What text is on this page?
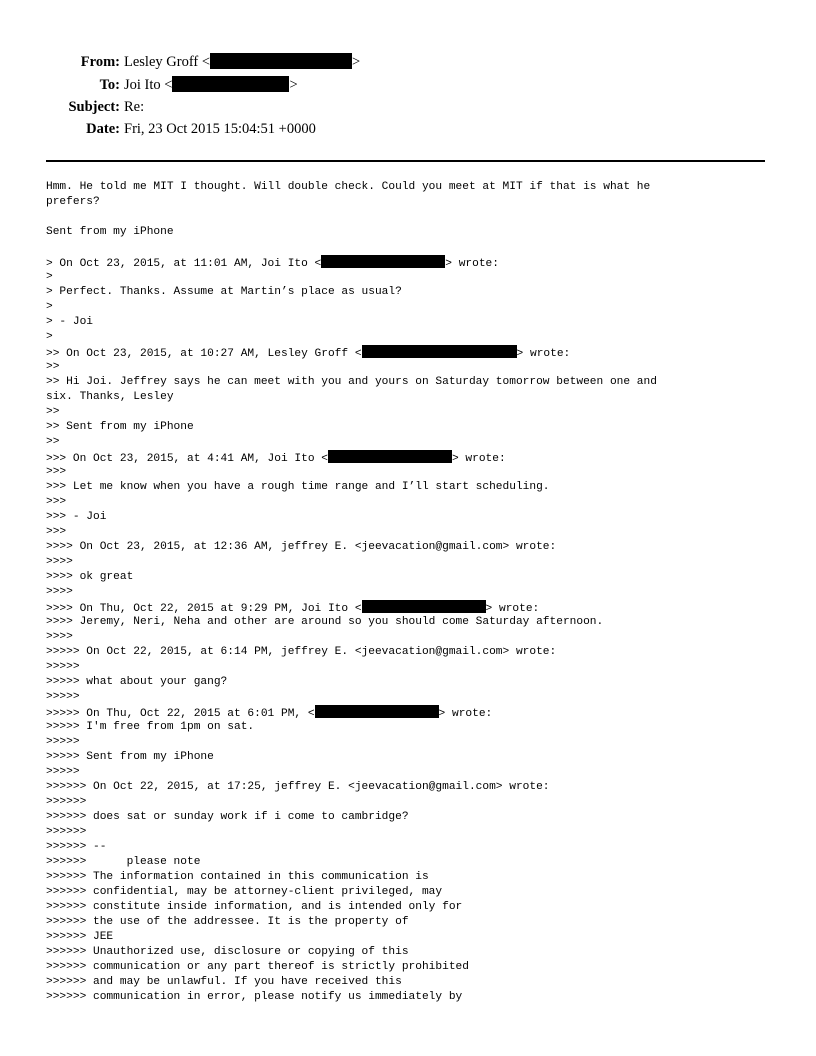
From: Lesley Groff <	>
To: Joi Ito <	>
Subject: Re:
Date: Fri, 23 Oct 2015 15:04:51 +0000
Hmm. He told me MIT I thought. Will double check. Could you meet at MIT if that is what he
prefers?
Sent from my iPhone
> On Oct 23, 2015, at 11:01 AM, Joi Ito <	> wrote:
>
> Perfect. Thanks. Assume at Martin’s place as usual?
>
> - Joi
>
>> On Oct 23, 2015, at 10:27 AM, Lesley Groff <	> wrote:
>>
>> Hi Joi. Jeffrey says he can meet with you and yours on Saturday tomorrow between one and
six. Thanks, Lesley
>>
>> Sent from my iPhone
>>
>>> On Oct 23, 2015, at 4:41 AM, Joi Ito <	> wrote:
>>>
>>> Let me know when you have a rough time range and I’ll start scheduling.
>>>
>>> - Joi
>>>
>>>> On Oct 23, 2015, at 12:36 AM, jeffrey E. <jeevacation@gmail.com> wrote:
>>>>
>>>> ok great
>>>>
>>>> On Thu, Oct 22, 2015 at 9:29 PM, Joi Ito <	> wrote:
>>>> Jeremy, Neri, Neha and other are around so you should come Saturday afternoon.
>>>>
>>>>> On Oct 22, 2015, at 6:14 PM, jeffrey E. <jeevacation@gmail.com> wrote:
>>>>>
>>>>> what about your gang?
>>>>>
>>>>> On Thu, Oct 22, 2015 at 6:01 PM, <	> wrote:
>>>>> I'm free from 1pm on sat.
>>>>>
>>>>> Sent from my iPhone
>>>>>
>>>>>> On Oct 22, 2015, at 17:25, jeffrey E. <jeevacation@gmail.com> wrote:
>>>>>>
>>>>>> does sat or sunday work if i come to cambridge?
>>>>>>
>>>>>> --
>>>>>>      please note
>>>>>> The information contained in this communication is
>>>>>> confidential, may be attorney-client privileged, may
>>>>>> constitute inside information, and is intended only for
>>>>>> the use of the addressee. It is the property of
>>>>>> JEE
>>>>>> Unauthorized use, disclosure or copying of this
>>>>>> communication or any part thereof is strictly prohibited
>>>>>> and may be unlawful. If you have received this
>>>>>> communication in error, please notify us immediately by
